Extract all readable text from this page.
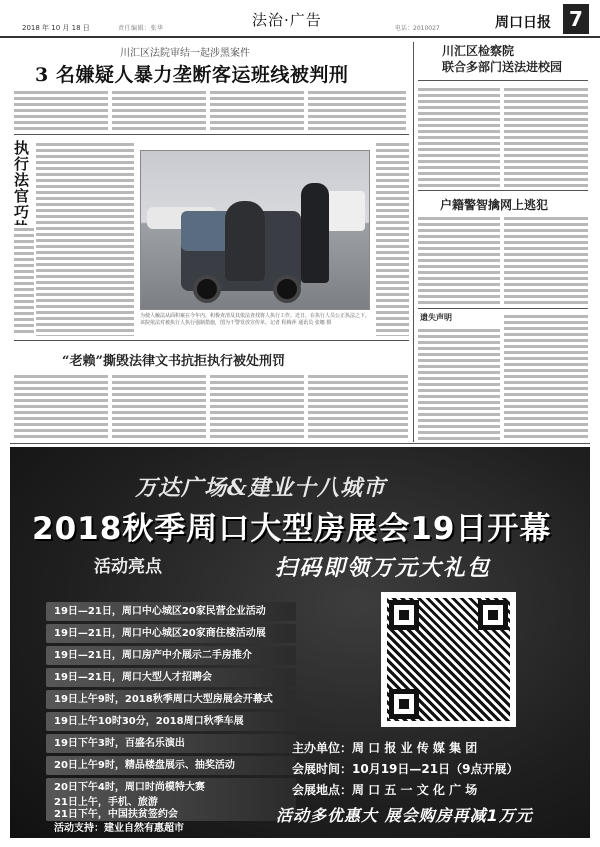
2018 年 10 月 18 日	责任编辑：张华	法治·广告	电话：2010027	周口日报 7
川汇区法院审结一起涉黑案件
3 名嫌疑人暴力垄断客运班线被判刑
执行法官巧
为使人触法从面积案在今年内，积极查清及其依法查找将人执行工作。近日，在执行人员公正执法之下，该院依法对被执行人执行强制措施，图为干警发放宣传单。记者 程梅萍 通讯员 张娜 摄
“老赖”撕毁法律文书抗拒执行被处刑罚
川汇区检察院
联合多部门送法进校园
户籍警智擒网上逃犯
遗失声明
万达广场&建业十八城市
2018秋季周口大型房展会19日开幕
活动亮点	扫码即领万元大礼包
19日—21日，周口中心城区20家民营企业活动
19日—21日，周口中心城区20家商住楼活动展
19日—21日，周口房产中介展示二手房推介
19日—21日，周口大型人才招聘会
19日上午9时，2018秋季周口大型房展会开幕式
19日上午10时30分，2018周口秋季车展
19日下午3时，百盛名乐演出
20日上午9时，精品楼盘展示、抽奖活动
20日下午4时，周口时尚模特大赛
21日上午，手机、旅游
21日下午，中国扶贫签约会
活动支持：建业自然有惠超市
主办单位：周 口 报 业 传 媒 集 团
会展时间：10月19日—21日（9点开展）
会展地点：周 口 五 一 文 化 广 场
活动多优惠大 展会购房再减1万元
